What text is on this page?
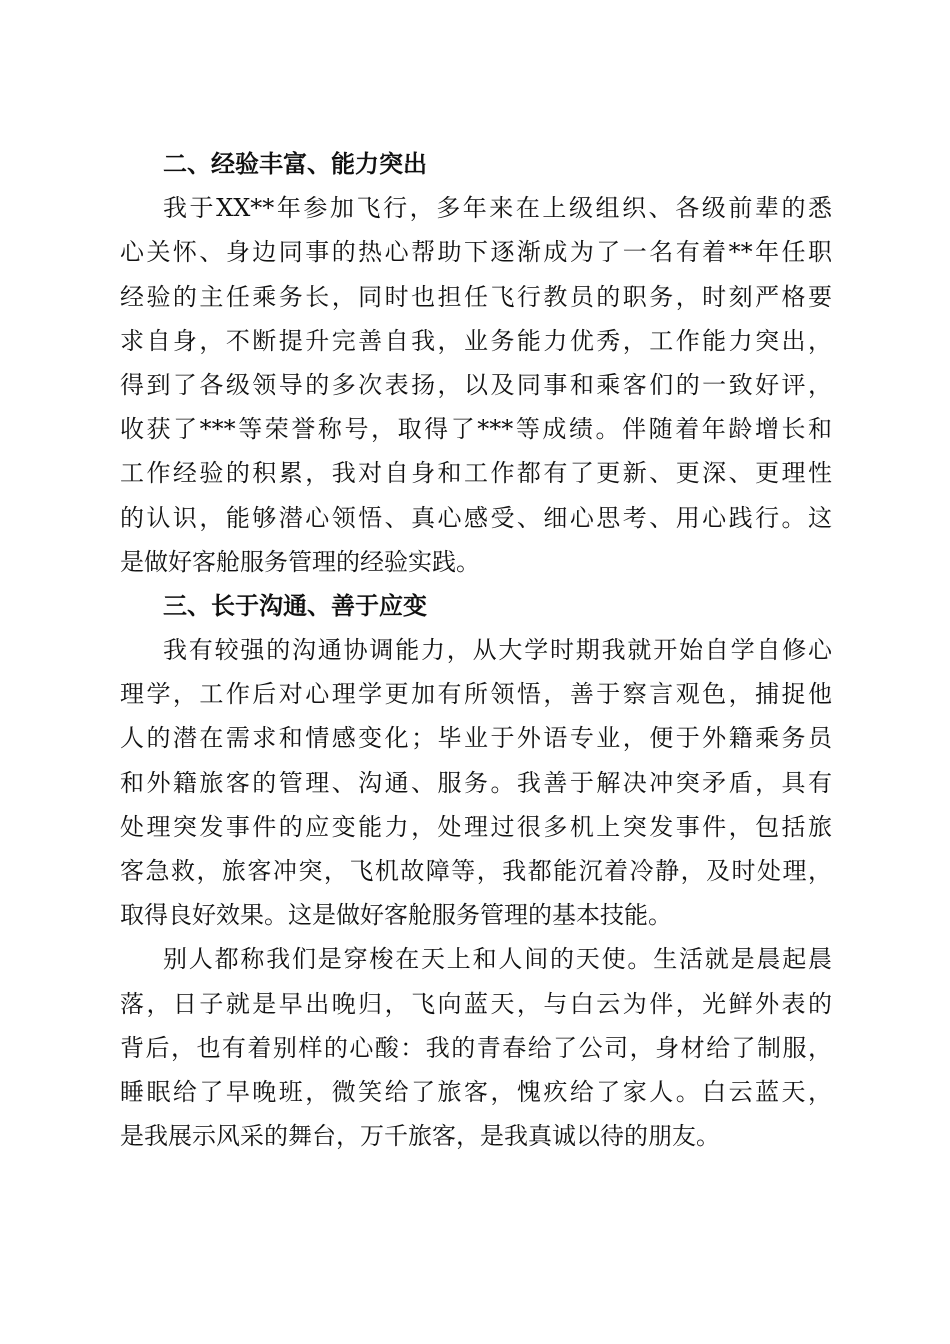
二、经验丰富、能力突出
我于XX**年参加飞行，多年来在上级组织、各级前辈的悉
心关怀、身边同事的热心帮助下逐渐成为了一名有着**年任职
经验的主任乘务长，同时也担任飞行教员的职务，时刻严格要
求自身，不断提升完善自我，业务能力优秀，工作能力突出，
得到了各级领导的多次表扬，以及同事和乘客们的一致好评，
收获了***等荣誉称号，取得了***等成绩。伴随着年龄增长和
工作经验的积累，我对自身和工作都有了更新、更深、更理性
的认识，能够潜心领悟、真心感受、细心思考、用心践行。这
是做好客舱服务管理的经验实践。
三、长于沟通、善于应变
我有较强的沟通协调能力，从大学时期我就开始自学自修心
理学，工作后对心理学更加有所领悟，善于察言观色，捕捉他
人的潜在需求和情感变化；毕业于外语专业，便于外籍乘务员
和外籍旅客的管理、沟通、服务。我善于解决冲突矛盾，具有
处理突发事件的应变能力，处理过很多机上突发事件，包括旅
客急救，旅客冲突，飞机故障等，我都能沉着冷静，及时处理，
取得良好效果。这是做好客舱服务管理的基本技能。
别人都称我们是穿梭在天上和人间的天使。生活就是晨起晨
落，日子就是早出晚归，飞向蓝天，与白云为伴，光鲜外表的
背后，也有着别样的心酸：我的青春给了公司，身材给了制服，
睡眠给了早晚班，微笑给了旅客，愧疚给了家人。白云蓝天，
是我展示风采的舞台，万千旅客，是我真诚以待的朋友。
